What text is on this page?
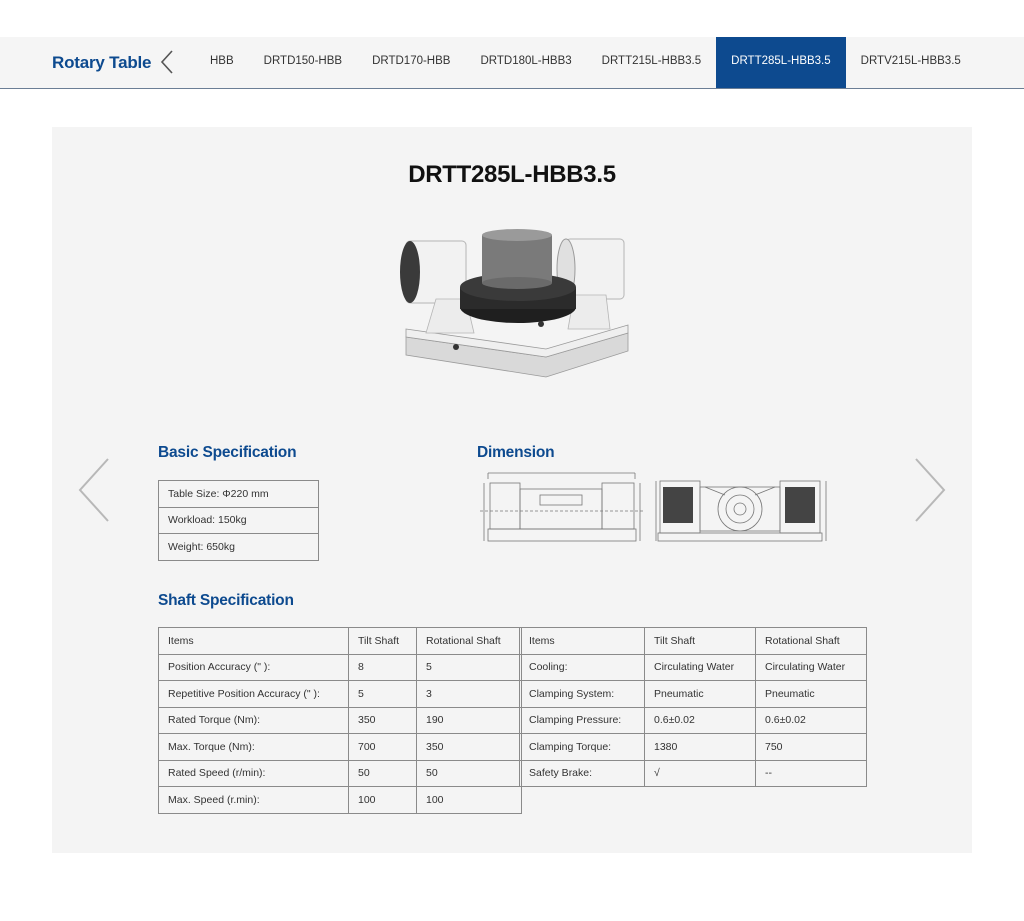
Rotary Table	HBB	DRTD150-HBB	DRTD170-HBB	DRTD180L-HBB3	DRTT215L-HBB3.5	DRTT285L-HBB3.5	DRTV215L-HBB3.5
DRTT285L-HBB3.5
Basic Specification
Table Size: Φ220 mm
Workload: 150kg
Weight: 650kg
Dimension
Shaft Specification
Items	Tilt Shaft	Rotational Shaft
Position Accuracy (" ):	8	5
Repetitive Position Accuracy (" ):	5	3
Rated Torque (Nm):	350	190
Max. Torque (Nm):	700	350
Rated Speed (r/min):	50	50
Max. Speed (r.min):	100	100
Items	Tilt Shaft	Rotational Shaft
Cooling:	Circulating Water	Circulating Water
Clamping System:	Pneumatic	Pneumatic
Clamping Pressure:	0.6±0.02	0.6±0.02
Clamping Torque:	1380	750
Safety Brake:	√	--
